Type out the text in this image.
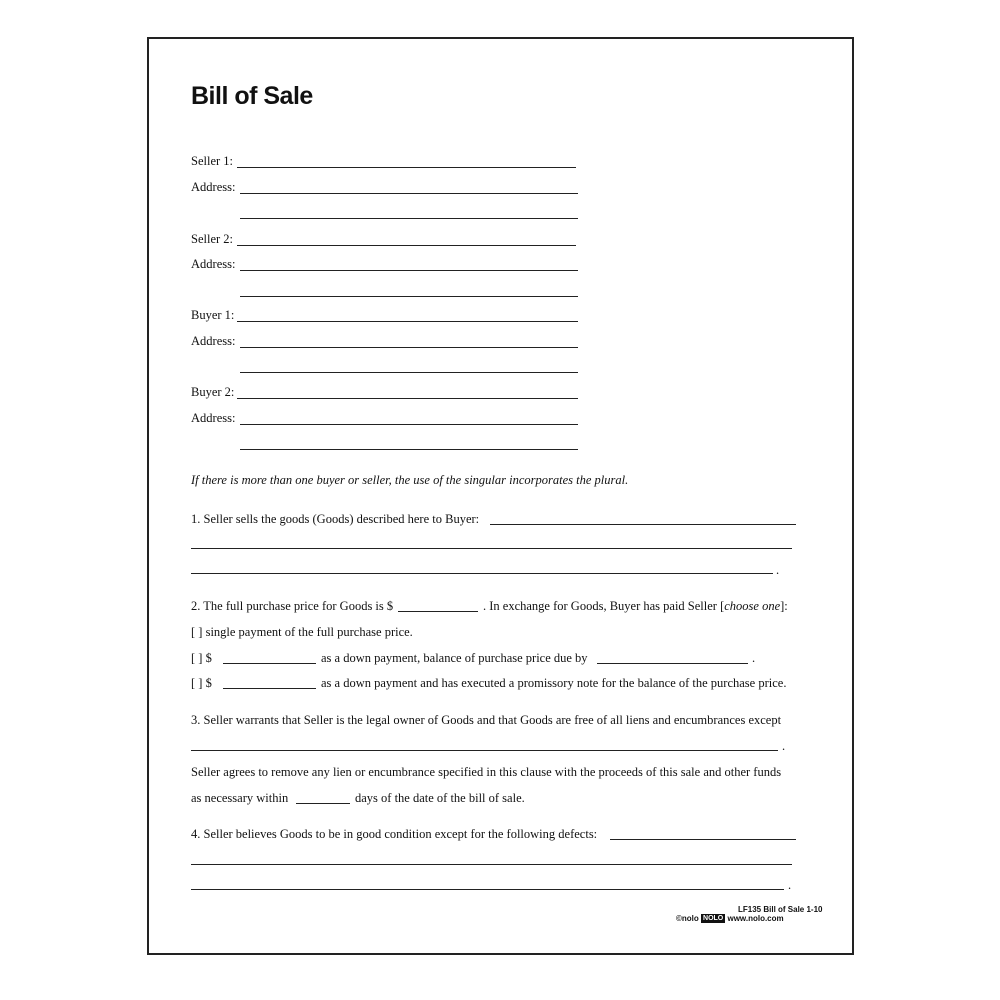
Bill of Sale
Seller 1:
Address:
Seller 2:
Address:
Buyer 1:
Address:
Buyer 2:
Address:
If there is more than one buyer or seller, the use of the singular incorporates the plural.
1. Seller sells the goods (Goods) described here to Buyer:
.
2. The full purchase price for Goods is $	. In exchange for Goods, Buyer has paid Seller [choose one]:
[ ] single payment of the full purchase price.
[ ] $	as a down payment, balance of purchase price due by	.
[ ] $	as a down payment and has executed a promissory note for the balance of the purchase price.
3. Seller warrants that Seller is the legal owner of Goods and that Goods are free of all liens and encumbrances except
.
Seller agrees to remove any lien or encumbrance specified in this clause with the proceeds of this sale and other funds
as necessary within	days of the date of the bill of sale.
4. Seller believes Goods to be in good condition except for the following defects:
.
LF135 Bill of Sale 1-10
©nolo NOLO www.nolo.com
